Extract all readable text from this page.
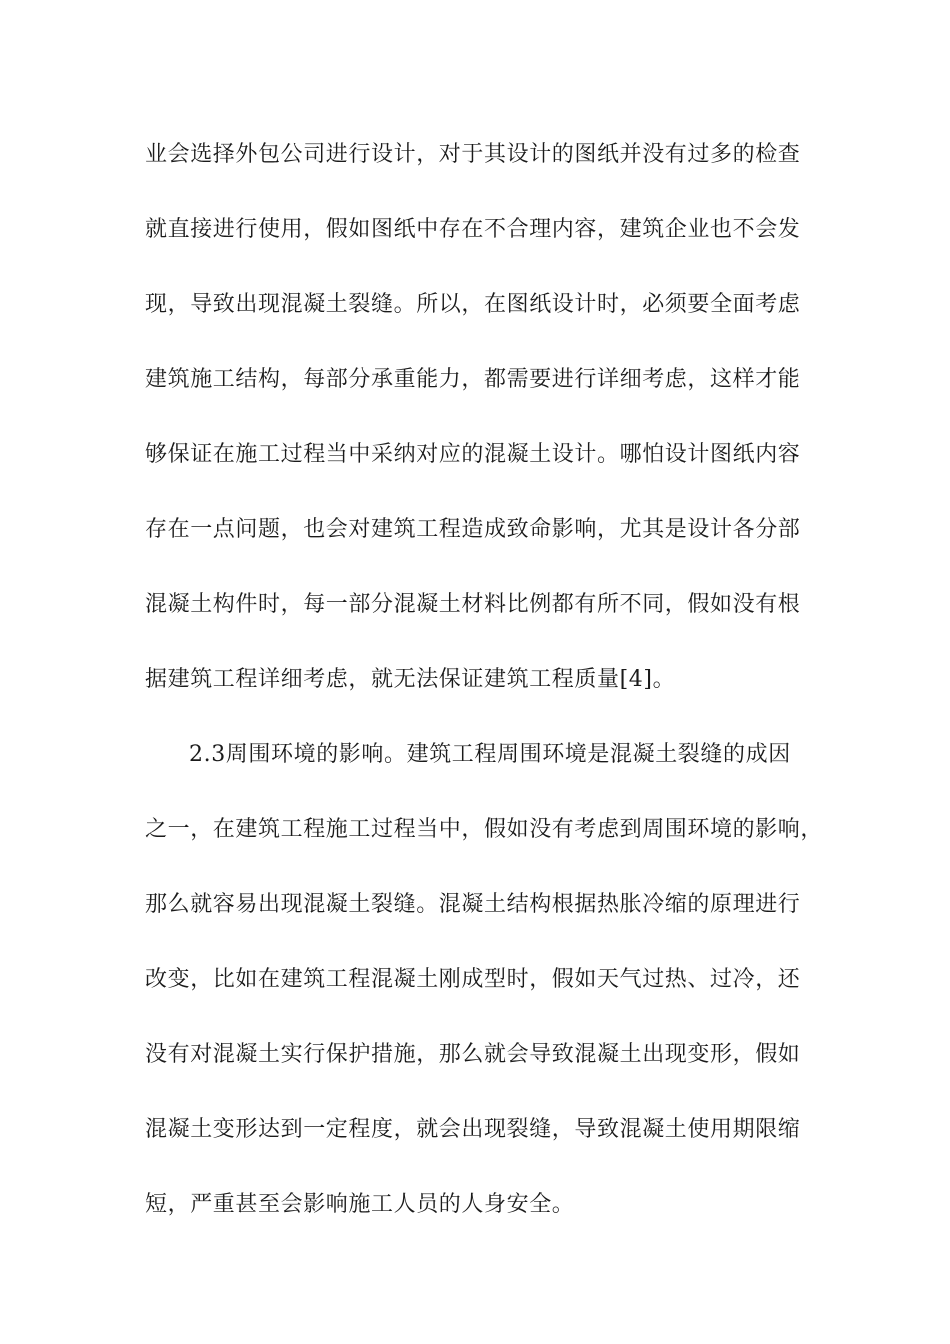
业会选择外包公司进行设计，对于其设计的图纸并没有过多的检查
就直接进行使用，假如图纸中存在不合理内容，建筑企业也不会发
现，导致出现混凝土裂缝。所以，在图纸设计时，必须要全面考虑
建筑施工结构，每部分承重能力，都需要进行详细考虑，这样才能
够保证在施工过程当中采纳对应的混凝土设计。哪怕设计图纸内容
存在一点问题，也会对建筑工程造成致命影响，尤其是设计各分部
混凝土构件时，每一部分混凝土材料比例都有所不同，假如没有根
据建筑工程详细考虑，就无法保证建筑工程质量[4]。
2.3周围环境的影响。建筑工程周围环境是混凝土裂缝的成因
之一，在建筑工程施工过程当中，假如没有考虑到周围环境的影响，
那么就容易出现混凝土裂缝。混凝土结构根据热胀冷缩的原理进行
改变，比如在建筑工程混凝土刚成型时，假如天气过热、过冷，还
没有对混凝土实行保护措施，那么就会导致混凝土出现变形，假如
混凝土变形达到一定程度，就会出现裂缝，导致混凝土使用期限缩
短，严重甚至会影响施工人员的人身安全。
